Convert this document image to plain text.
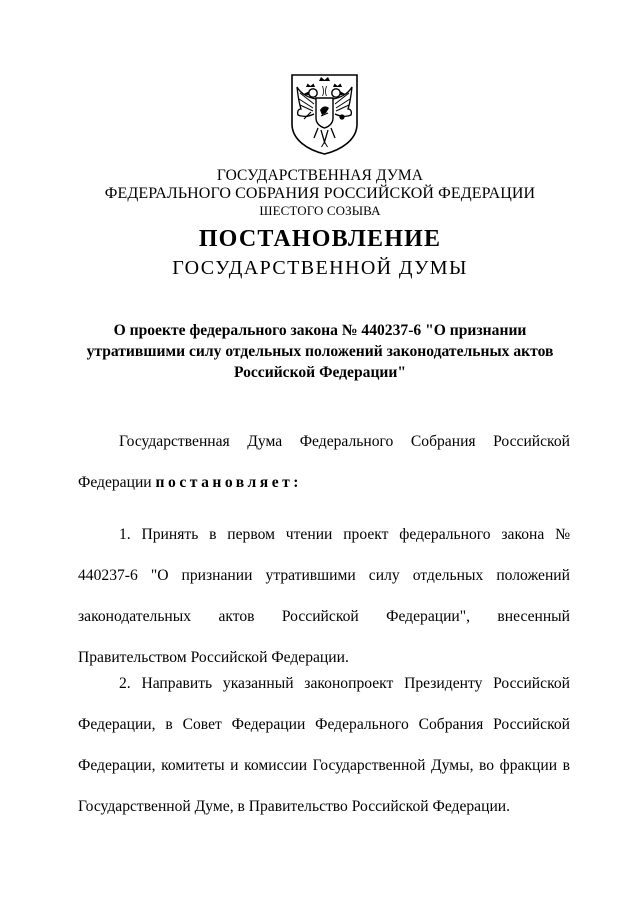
ГОСУДАРСТВЕННАЯ ДУМА
ФЕДЕРАЛЬНОГО СОБРАНИЯ РОССИЙСКОЙ ФЕДЕРАЦИИ
ШЕСТОГО СОЗЫВА
ПОСТАНОВЛЕНИЕ
ГОСУДАРСТВЕННОЙ ДУМЫ
О проекте федерального закона № 440237-6 "О признании
утратившими силу отдельных положений законодательных актов
Российской Федерации"

Государственная Дума Федерального Собрания Российской Федерации постановляет:

1. Принять в первом чтении проект федерального закона № 440237-6 "О признании утратившими силу отдельных положений законодательных актов Российской Федерации", внесенный Правительством Российской Федерации.

2. Направить указанный законопроект Президенту Российской Федерации, в Совет Федерации Федерального Собрания Российской Федерации, комитеты и комиссии Государственной Думы, во фракции в Государственной Думе, в Правительство Российской Федерации.
